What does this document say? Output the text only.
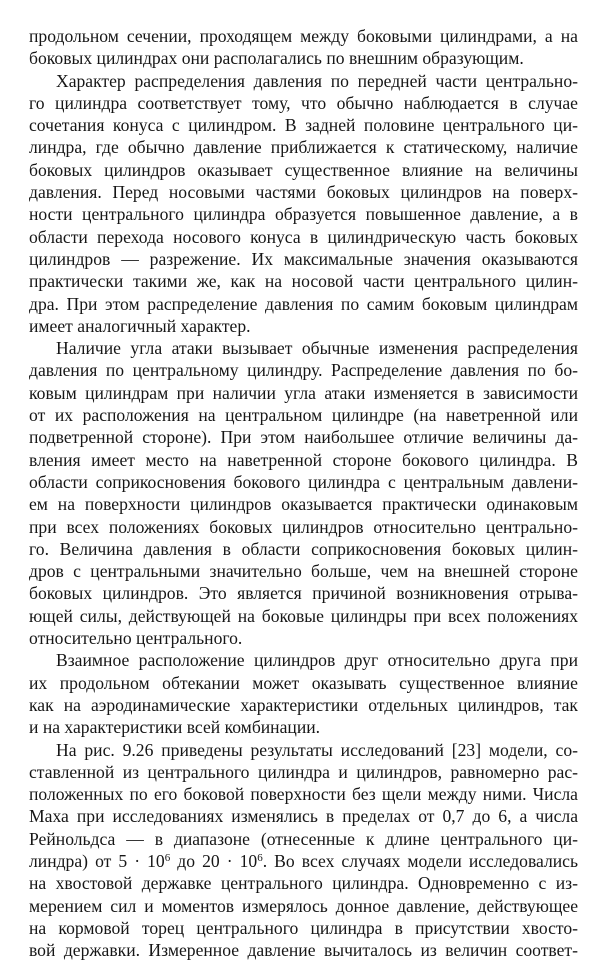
продольном сечении, проходящем между боковыми цилиндрами, а на
боковых цилиндрах они располагались по внешним образующим.
Характер распределения давления по передней части центрально-
го цилиндра соответствует тому, что обычно наблюдается в случае
сочетания конуса с цилиндром. В задней половине центрального ци-
линдра, где обычно давление приближается к статическому, наличие
боковых цилиндров оказывает существенное влияние на величины
давления. Перед носовыми частями боковых цилиндров на поверх-
ности центрального цилиндра образуется повышенное давление, а в
области перехода носового конуса в цилиндрическую часть боковых
цилиндров — разрежение. Их максимальные значения оказываются
практически такими же, как на носовой части центрального цилин-
дра. При этом распределение давления по самим боковым цилиндрам
имеет аналогичный характер.
Наличие угла атаки вызывает обычные изменения распределения
давления по центральному цилиндру. Распределение давления по бо-
ковым цилиндрам при наличии угла атаки изменяется в зависимости
от их расположения на центральном цилиндре (на наветренной или
подветренной стороне). При этом наибольшее отличие величины да-
вления имеет место на наветренной стороне бокового цилиндра. В
области соприкосновения бокового цилиндра с центральным давлени-
ем на поверхности цилиндров оказывается практически одинаковым
при всех положениях боковых цилиндров относительно центрально-
го. Величина давления в области соприкосновения боковых цилин-
дров с центральными значительно больше, чем на внешней стороне
боковых цилиндров. Это является причиной возникновения отрыва-
ющей силы, действующей на боковые цилиндры при всех положениях
относительно центрального.
Взаимное расположение цилиндров друг относительно друга при
их продольном обтекании может оказывать существенное влияние
как на аэродинамические характеристики отдельных цилиндров, так
и на характеристики всей комбинации.
На рис. 9.26 приведены результаты исследований [23] модели, со-
ставленной из центрального цилиндра и цилиндров, равномерно рас-
положенных по его боковой поверхности без щели между ними. Числа
Маха при исследованиях изменялись в пределах от 0,7 до 6, а числа
Рейнольдса — в диапазоне (отнесенные к длине центрального ци-
линдра) от $5 \cdot 10^6$ до $20 \cdot 10^6$. Во всех случаях модели исследовались
на хвостовой державке центрального цилиндра. Одновременно с из-
мерением сил и моментов измерялось донное давление, действующее
на кормовой торец центрального цилиндра в присутствии хвосто-
вой державки. Измеренное давление вычиталось из величин соответ-
